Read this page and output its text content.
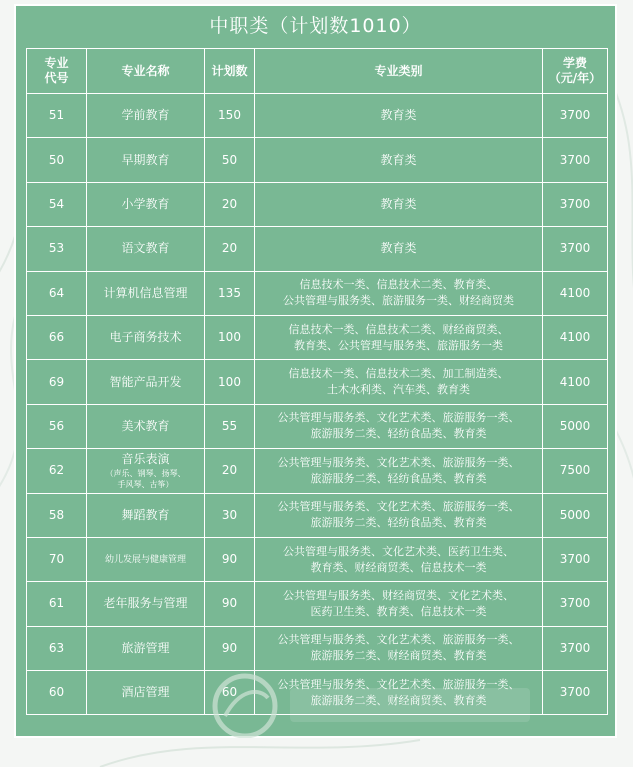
中职类（计划数1010）
专业
代号	专业名称	计划数	专业类别	学费
（元/年）
51	学前教育	150	教育类	3700
50	早期教育	50	教育类	3700
54	小学教育	20	教育类	3700
53	语文教育	20	教育类	3700
64	计算机信息管理	135	信息技术一类、信息技术二类、教育类、
公共管理与服务类、旅游服务一类、财经商贸类	4100
66	电子商务技术	100	信息技术一类、信息技术二类、财经商贸类、
教育类、公共管理与服务类、旅游服务一类	4100
69	智能产品开发	100	信息技术一类、信息技术二类、加工制造类、
土木水利类、汽车类、教育类	4100
56	美术教育	55	公共管理与服务类、文化艺术类、旅游服务一类、
旅游服务二类、轻纺食品类、教育类	5000
62	音乐表演
（声乐、钢琴、扬琴、
手风琴、古筝）	20	公共管理与服务类、文化艺术类、旅游服务一类、
旅游服务二类、轻纺食品类、教育类	7500
58	舞蹈教育	30	公共管理与服务类、文化艺术类、旅游服务一类、
旅游服务二类、轻纺食品类、教育类	5000
70	幼儿发展与健康管理	90	公共管理与服务类、文化艺术类、医药卫生类、
教育类、财经商贸类、信息技术一类	3700
61	老年服务与管理	90	公共管理与服务类、财经商贸类、文化艺术类、
医药卫生类、教育类、信息技术一类	3700
63	旅游管理	90	公共管理与服务类、文化艺术类、旅游服务一类、
旅游服务二类、财经商贸类、教育类	3700
60	酒店管理	60	公共管理与服务类、文化艺术类、旅游服务一类、
旅游服务二类、财经商贸类、教育类	3700
